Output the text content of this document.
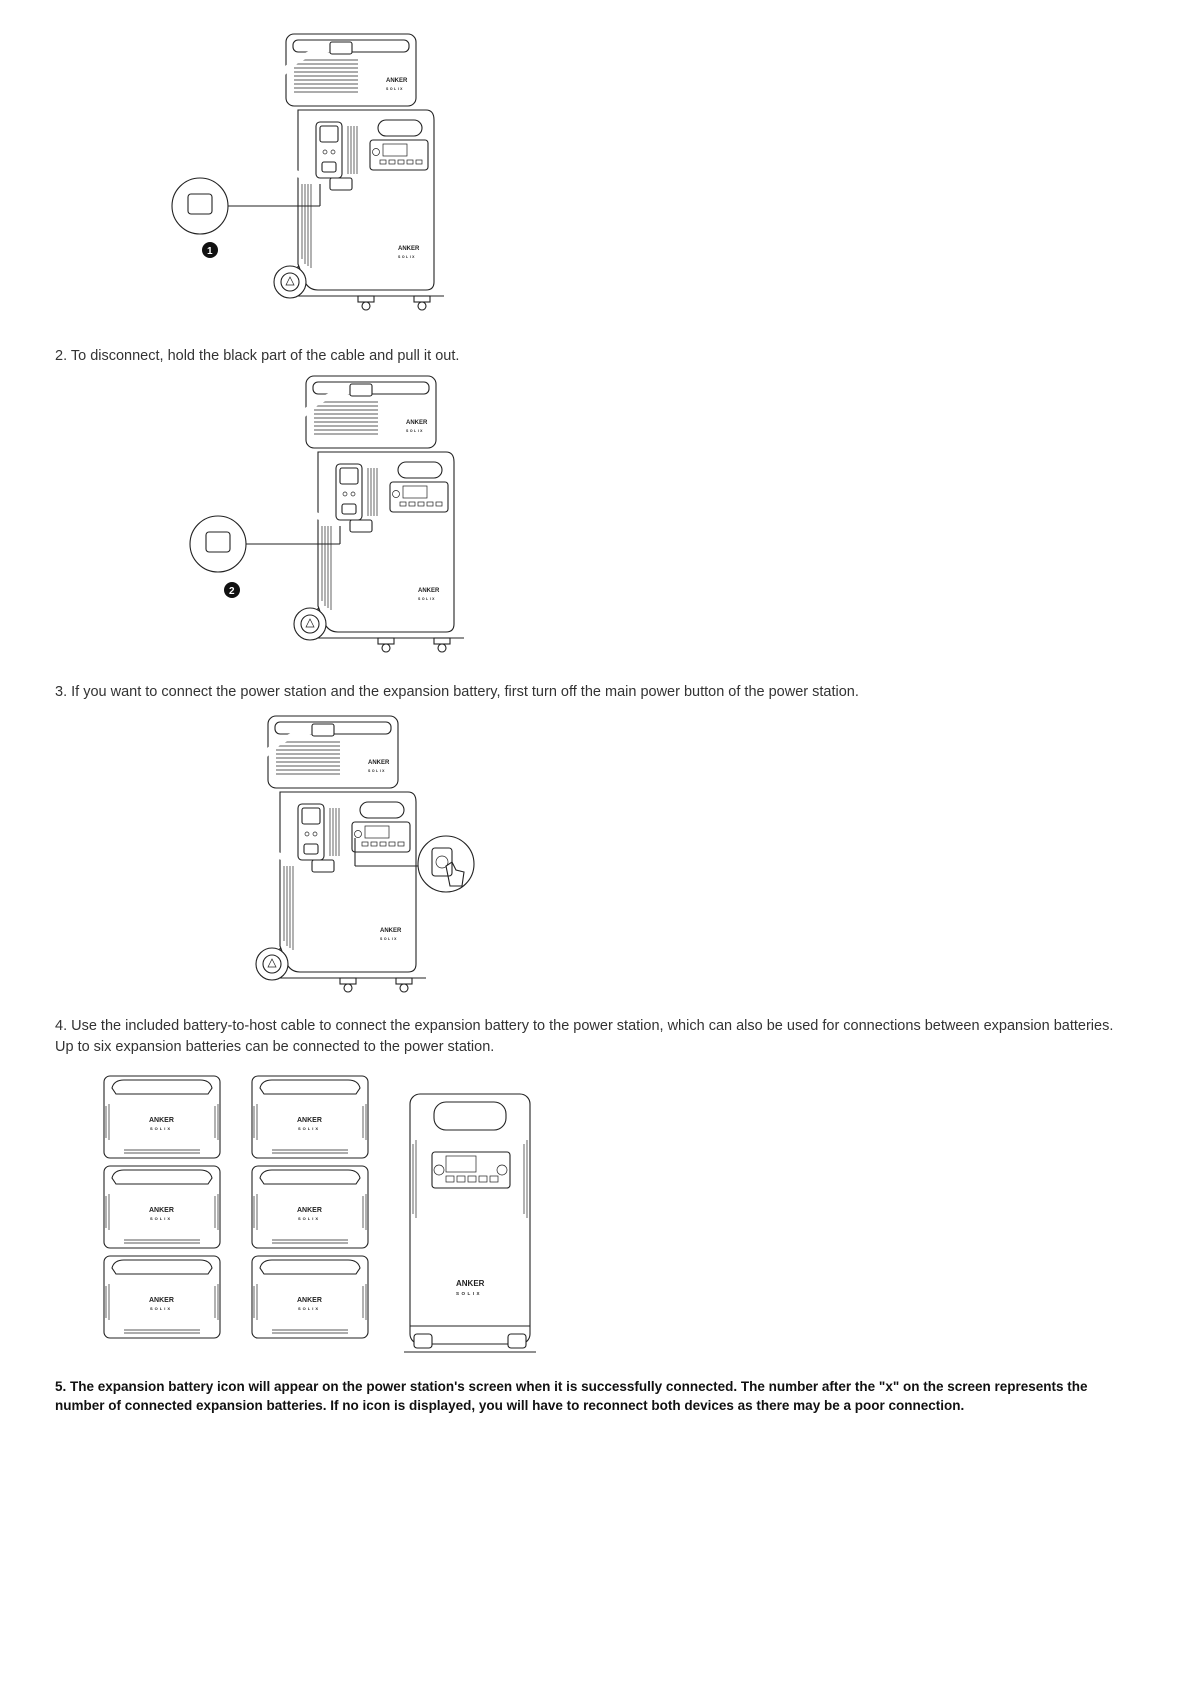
1

2. To disconnect, hold the black part of the cable and pull it out.

2

3. If you want to connect the power station and the expansion battery, first turn off the main power button of the power station.

4. Use the included battery-to-host cable to connect the expansion battery to the power station, which can also be used for connections between expansion batteries. Up to six expansion batteries can be connected to the power station.

5. The expansion battery icon will appear on the power station's screen when it is successfully connected. The number after the "x" on the screen represents the number of connected expansion batteries. If no icon is displayed, you will have to reconnect both devices as there may be a poor connection.
